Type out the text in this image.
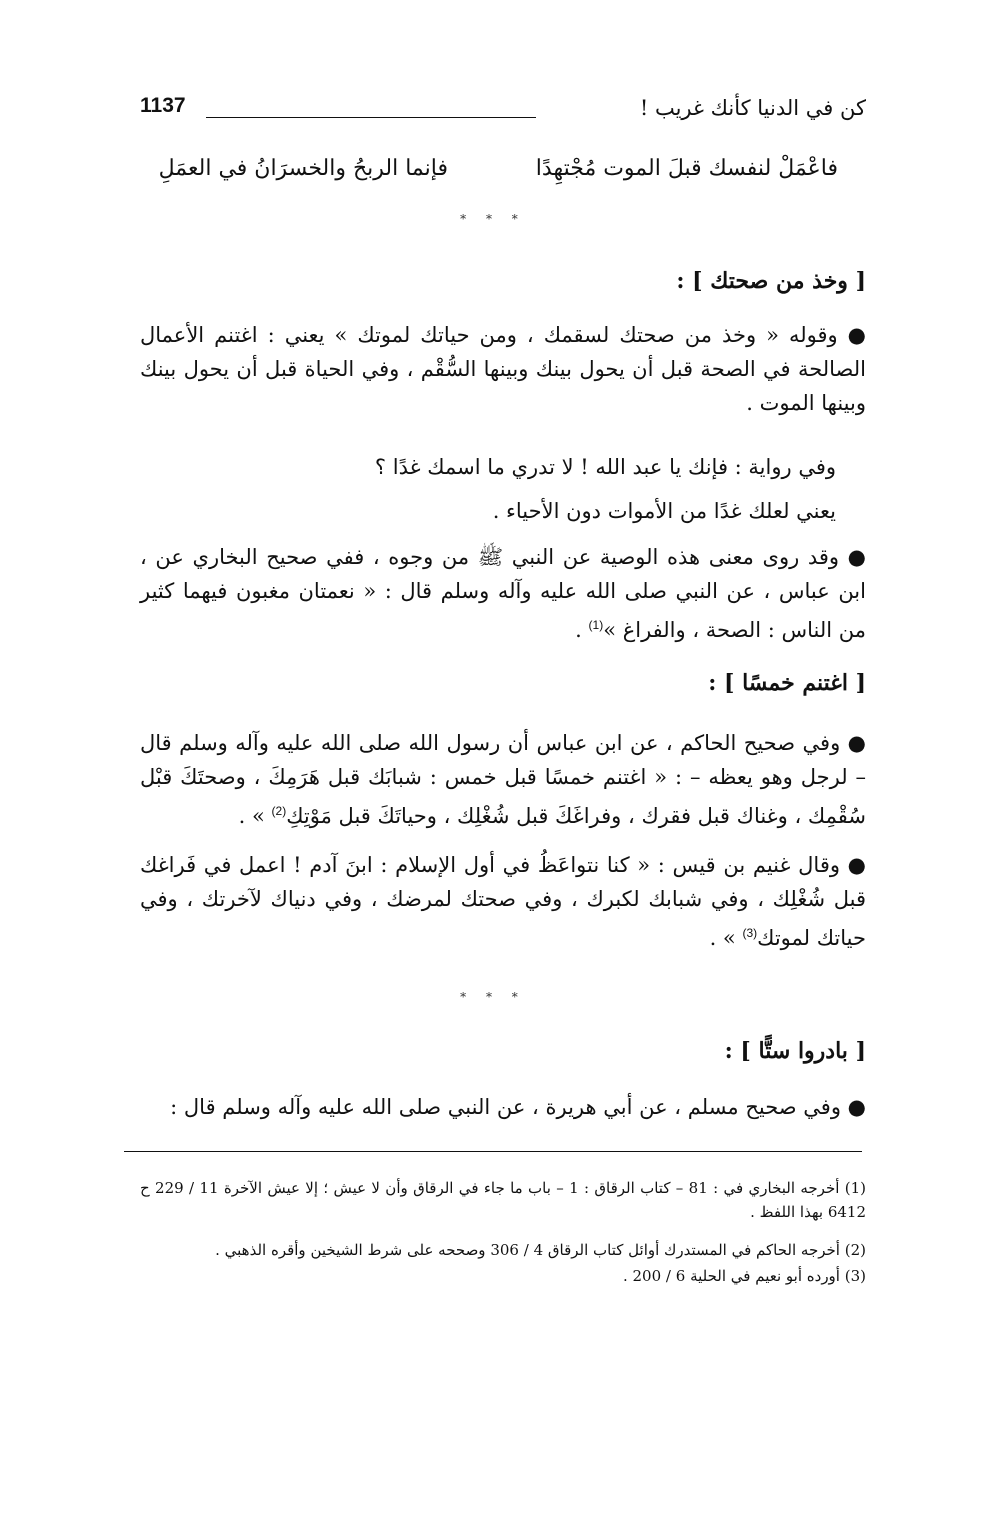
كن في الدنيا كأنك غريب !
1137
فاعْمَلْ لنفسك قبلَ الموت مُجْتهِدًا
فإنما الربحُ والخسرَانُ في العمَلِ
* * *
[ وخذ من صحتك ] :

● وقوله « وخذ من صحتك لسقمك ، ومن حياتك لموتك » يعني : اغتنم الأعمال الصالحة في الصحة قبل أن يحول بينك وبينها السُّقْم ، وفي الحياة قبل أن يحول بينك وبينها الموت .

وفي رواية : فإنك يا عبد الله ! لا تدري ما اسمك غدًا ؟

يعني لعلك غدًا من الأموات دون الأحياء .

● وقد روى معنى هذه الوصية عن النبي ﷺ من وجوه ، ففي صحيح البخاري عن ، ابن عباس ، عن النبي صلى الله عليه وآله وسلم قال : « نعمتان مغبون فيهما كثير من الناس : الصحة ، والفراغ »$^{(1)}$ .

[ اغتنم خمسًا ] :

● وفي صحيح الحاكم ، عن ابن عباس أن رسول الله صلى الله عليه وآله وسلم قال – لرجل وهو يعظه – : « اغتنم خمسًا قبل خمس : شبابَك قبل هَرَمِكَ ، وصحتَكَ قبْل سُقْمِك ، وغناك قبل فقرك ، وفراغَكَ قبل شُغْلِك ، وحياتَكَ قبل مَوْتِكِ$^{(2)}$ » .

● وقال غنيم بن قيس : « كنا نتواعَظُ في أول الإسلام : ابنَ آدم ! اعمل في فَراغك قبل شُغْلِك ، وفي شبابك لكبرك ، وفي صحتك لمرضك ، وفي دنياك لآخرتك ، وفي حياتك لموتك$^{(3)}$ » .

* * *
[ بادروا ستًّا ] :

● وفي صحيح مسلم ، عن أبي هريرة ، عن النبي صلى الله عليه وآله وسلم قال :

(1) أخرجه البخاري في : 81 – كتاب الرقاق : 1 – باب ما جاء في الرقاق وأن لا عيش ؛ إلا عيش الآخرة 11 / 229 ح 6412 بهذا اللفظ .

(2) أخرجه الحاكم في المستدرك أوائل كتاب الرقاق 4 / 306 وصححه على شرط الشيخين وأقره الذهبي .

(3) أورده أبو نعيم في الحلية 6 / 200 .
